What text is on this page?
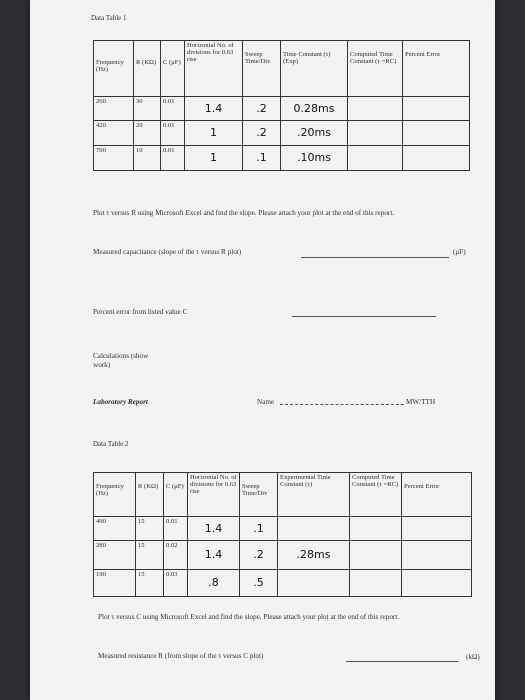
Data Table 1
Frequency (Hz)	R (KΩ)	C (μF)	Horizontal No. of divisions for 0.63 rise	Sweep Time/Div	Time Constant (τ) (Exp)	Computed Time Constant (τ =RC)	Percent Error
260	30	0.01	1.4	.2	0.28ms		
420	20	0.01	1	.2	.20ms		
700	10	0.01	1	.1	.10ms		
Plot τ versus R using Microsoft Excel and find the slope. Please attach your plot at the end of this report.
Measured capacitance (slope of the τ versus R plot)	(μF)
Percent error from listed value C
Calculations (show work)
Laboratory Report	Name	MW/TTH
Data Table 2
Frequency (Hz)	R (KΩ)	C (μF)	Horizontal No. of divisions for 0.63 rise	Sweep Time/Div	Experimental Time Constant (τ)	Computed Time Constant (τ =RC)	Percent Error
490	15	0.01	1.4	.1			
280	15	0.02	1.4	.2	.28ms		
190	15	0.03	.8	.5			
Plot τ versus C using Microsoft Excel and find the slope. Please attach your plot at the end of this report.
Measured resistance R (from slope of the τ versus C plot)	(kΩ)
